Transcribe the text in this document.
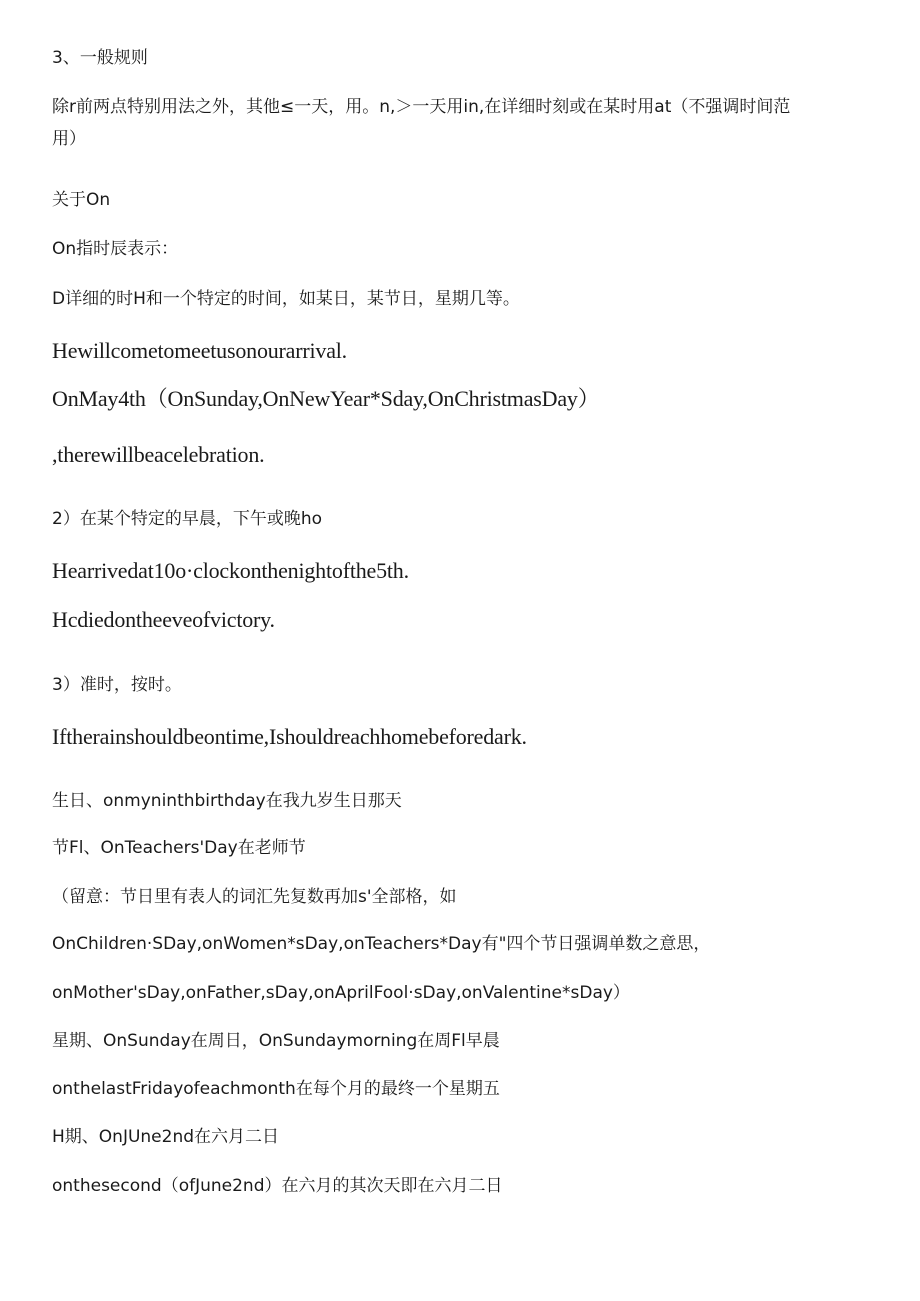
3、一般规则
除r前两点特别用法之外，其他≤一天，用。n,＞一天用in,在详细时刻或在某时用at（不强调时间范
用）
关于On
On指时辰表示：
D详细的时H和一个特定的时间，如某日，某节日，星期几等。
Hewillcometomeetusonourarrival.
OnMay4th（OnSunday,OnNewYear*Sday,OnChristmasDay）
,therewillbeacelebration.
2）在某个特定的早晨，下午或晚ho
Hearrivedat10o·clockonthenightofthe5th.
Hcdiedontheeveofvictory.
3）准时，按时。
Iftherainshouldbeontime,Ishouldreachhomebeforedark.
生日、onmyninthbirthday在我九岁生日那天
节Fl、OnTeachers'Day在老师节
（留意：节日里有表人的词汇先复数再加s'全部格，如
OnChildren·SDay,onWomen*sDay,onTeachers*Day有"四个节日强调单数之意思，
onMother'sDay,onFather,sDay,onAprilFool·sDay,onValentine*sDay）
星期、OnSunday在周日，OnSundaymorning在周Fl早晨
onthelastFridayofeachmonth在每个月的最终一个星期五
H期、OnJUne2nd在六月二日
onthesecond（ofJune2nd）在六月的其次天即在六月二日
